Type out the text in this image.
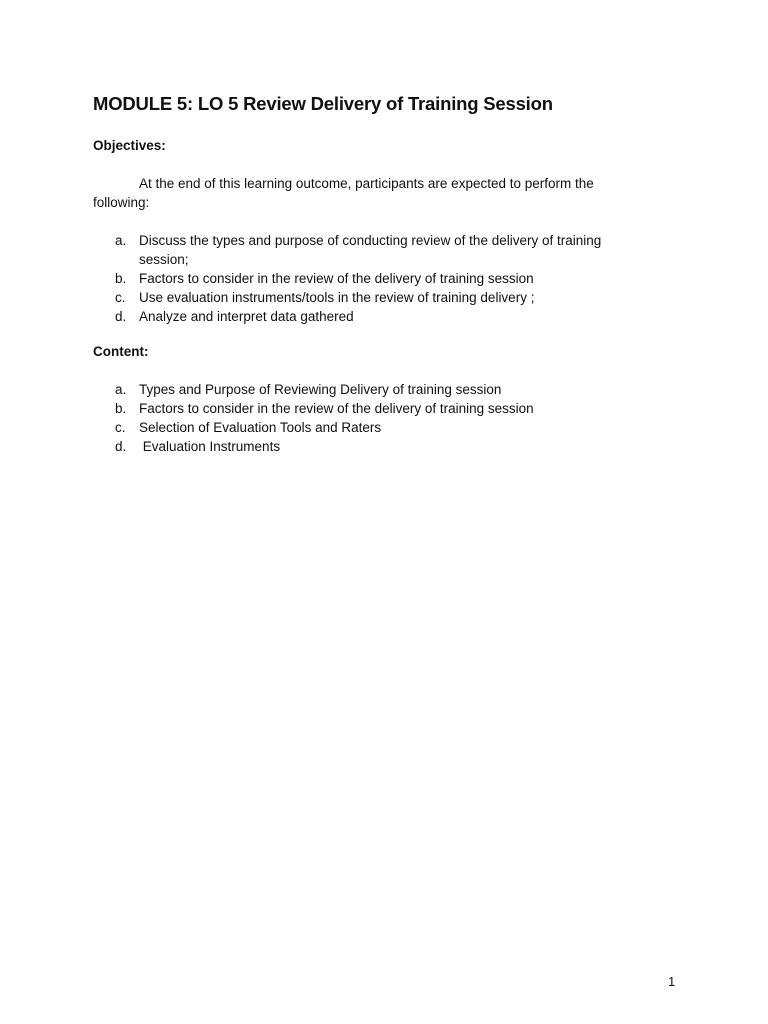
MODULE 5: LO 5 Review Delivery of Training Session
Objectives:
At the end of this learning outcome, participants are expected to perform the following:
a. Discuss the types and purpose of conducting review of the delivery of training session;
b. Factors to consider in the review of the delivery of training session
c. Use evaluation instruments/tools in the review of training delivery ;
d. Analyze and interpret data gathered
Content:
a. Types and Purpose of Reviewing Delivery of training session
b. Factors to consider in the review of the delivery of training session
c. Selection of Evaluation Tools and Raters
d. Evaluation Instruments
1
